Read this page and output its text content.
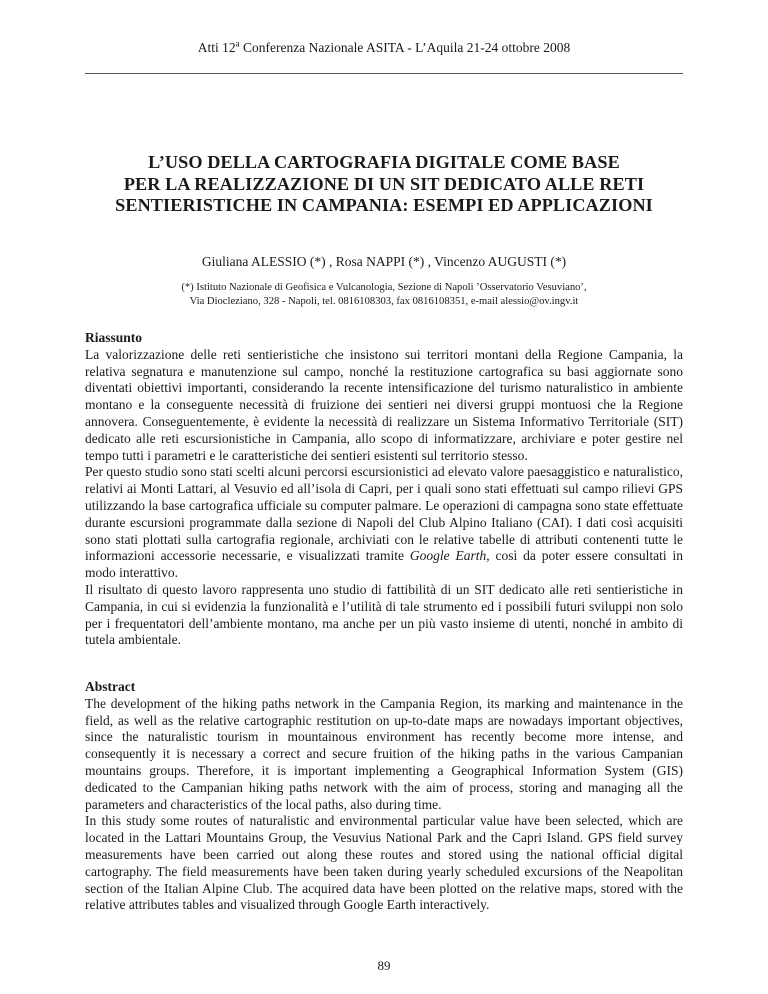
Atti 12$^a$ Conferenza Nazionale ASITA - L’Aquila 21-24 ottobre 2008
L’USO DELLA CARTOGRAFIA DIGITALE COME BASE
PER LA REALIZZAZIONE DI UN SIT DEDICATO ALLE RETI
SENTIERISTICHE IN CAMPANIA: ESEMPI ED APPLICAZIONI
Giuliana ALESSIO (*) , Rosa NAPPI (*) , Vincenzo AUGUSTI (*)
(*) Istituto Nazionale di Geofisica e Vulcanologia, Sezione di Napoli ’Osservatorio Vesuviano’,
Via Diocleziano, 328 - Napoli, tel. 0816108303, fax 0816108351, e-mail alessio@ov.ingv.it
Riassunto

La valorizzazione delle reti sentieristiche che insistono sui territori montani della Regione Campania, la relativa segnatura e manutenzione sul campo, nonché la restituzione cartografica su basi aggiornate sono diventati obiettivi importanti, considerando la recente intensificazione del turismo naturalistico in ambiente montano e la conseguente necessità di fruizione dei sentieri nei diversi gruppi montuosi che la Regione annovera. Conseguentemente, è evidente la necessità di realizzare un Sistema Informativo Territoriale (SIT) dedicato alle reti escursionistiche in Campania, allo scopo di informatizzare, archiviare e poter gestire nel tempo tutti i parametri e le caratteristiche dei sentieri esistenti sul territorio stesso.

Per questo studio sono stati scelti alcuni percorsi escursionistici ad elevato valore paesaggistico e naturalistico, relativi ai Monti Lattari, al Vesuvio ed all’isola di Capri, per i quali sono stati effettuati sul campo rilievi GPS utilizzando la base cartografica ufficiale su computer palmare. Le operazioni di campagna sono state effettuate durante escursioni programmate dalla sezione di Napoli del Club Alpino Italiano (CAI). I dati così acquisiti sono stati plottati sulla cartografia regionale, archiviati con le relative tabelle di attributi contenenti tutte le informazioni accessorie necessarie, e visualizzati tramite Google Earth, così da poter essere consultati in modo interattivo.

Il risultato di questo lavoro rappresenta uno studio di fattibilità di un SIT dedicato alle reti sentieristiche in Campania, in cui si evidenzia la funzionalità e l’utilità di tale strumento ed i possibili futuri sviluppi non solo per i frequentatori dell’ambiente montano, ma anche per un più vasto insieme di utenti, nonché in ambito di tutela ambientale.

Abstract

The development of the hiking paths network in the Campania Region, its marking and maintenance in the field, as well as the relative cartographic restitution on up-to-date maps are nowadays important objectives, since the naturalistic tourism in mountainous environment has recently become more intense, and consequently it is necessary a correct and secure fruition of the hiking paths in the various Campanian mountains groups. Therefore, it is important implementing a Geographical Information System (GIS) dedicated to the Campanian hiking paths network with the aim of process, storing and managing all the parameters and characteristics of the local paths, also during time.

In this study some routes of naturalistic and environmental particular value have been selected, which are located in the Lattari Mountains Group, the Vesuvius National Park and the Capri Island. GPS field survey measurements have been carried out along these routes and stored using the national official digital cartography. The field measurements have been taken during yearly scheduled excursions of the Neapolitan section of the Italian Alpine Club. The acquired data have been plotted on the relative maps, stored with the relative attributes tables and visualized through Google Earth interactively.

89
